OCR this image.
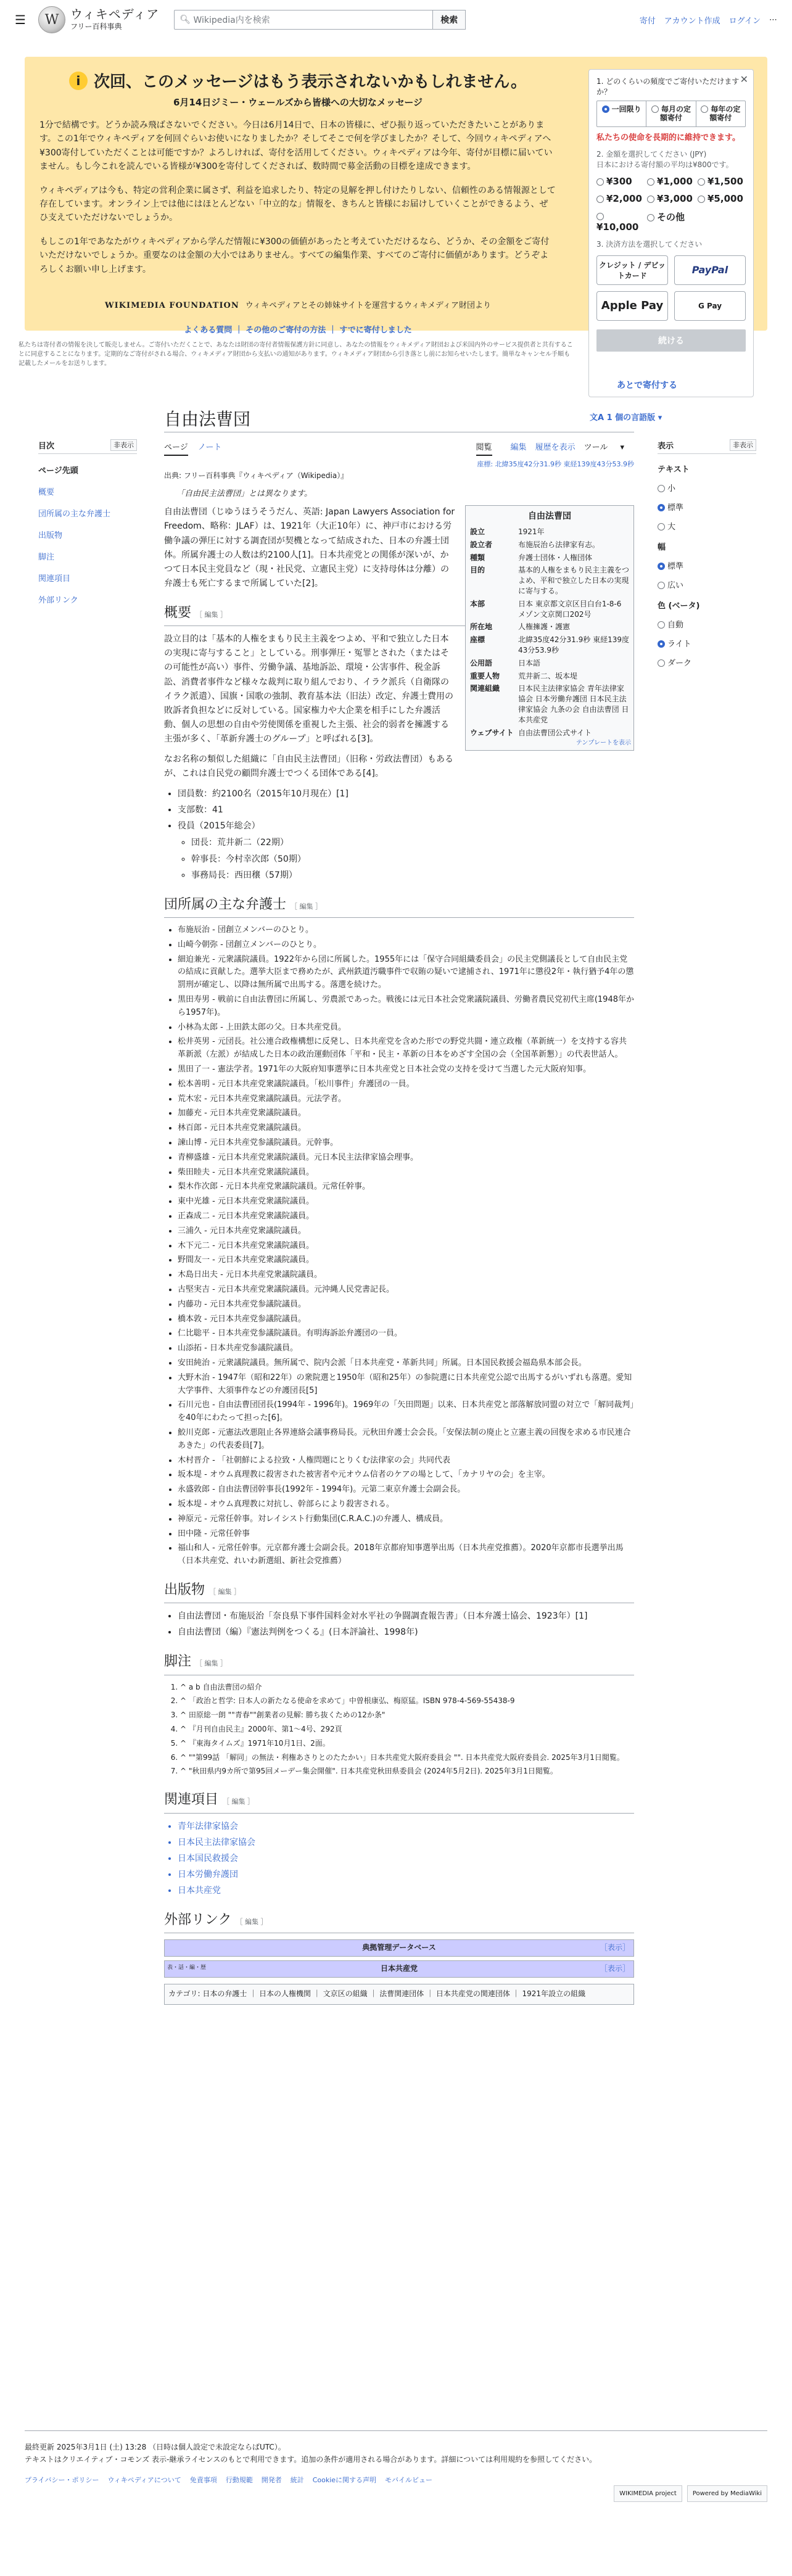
☰	W ウィキペディア
フリー百科事典
🔍︎ Wikipedia内を検索	検索	寄付 アカウント作成 ログイン ⋯
i 次回、このメッセージはもう表示されないかもしれません。
6月14日ジミー・ウェールズから皆様への大切なメッセージ

1分で結構です。どうか読み飛ばさないでください。今日は6月14日で、日本の皆様に、ぜひ振り返っていただきたいことがあります。この1年でウィキペディアを何回ぐらいお使いになりましたか？そしてそこで何を学びましたか？そして、今回ウィキペディアへ¥300寄付していただくことは可能ですか？よろしければ、寄付を活用してください。ウィキペディアは今年、寄付が目標に届いていません。もし今これを読んでいる皆様が¥300を寄付してくだされば、数時間で募金活動の目標を達成できます。

ウィキペディアは今も、特定の営利企業に属さず、利益を追求したり、特定の見解を押し付けたりしない、信頼性のある情報源として存在しています。オンライン上では他にはほとんどない「中立的な」情報を、きちんと皆様にお届けしていくことができるよう、ぜひ支えていただけないでしょうか。

もしこの1年であなたがウィキペディアから学んだ情報に¥300の価値があったと考えていただけるなら、どうか、その金額をご寄付いただけないでしょうか。重要なのは金額の大小ではありません。すべての編集作業、すべてのご寄付に価値があります。どうぞよろしくお願い申し上げます。

WIKIMEDIA FOUNDATION ウィキペディアとその姉妹サイトを運営するウィキメディア財団より
✕
1. どのくらいの頻度でご寄付いただけますか？
一回限り	毎月の定額寄付
毎年の定額寄付
私たちの使命を長期的に維持できます。
2. 金額を選択してください (JPY)
日本における寄付額の平均は¥800です。
¥300	¥1,000	¥1,500
¥2,000	¥3,000	¥5,000
¥10,000
その他
3. 決済方法を選択してください
クレジット / デビットカード	PayPal
Apple Pay	G Pay
続ける
よくある質問 ｜ その他のご寄付の方法 ｜ すでに寄付しました
私たちは寄付者の情報を決して販売しません。ご寄付いただくことで、あなたは財団の寄付者情報保護方針に同意し、あなたの情報をウィキメディア財団および米国内外のサービス提供者と共有することに同意することになります。定期的なご寄付がされる場合、ウィキメディア財団から支払いの通知があります。ウィキメディア財団から引き落とし前にお知らせいたします。簡単なキャンセル手順も記載したメールをお送りします。
あとで寄付する
自由法曹団	文A 1 個の言語版 ▾
ページ ノート	閲覧 編集 履歴を表示 ツール ▾
目次	非表示
ページ先頭
概要
団所属の主な弁護士
出版物
脚注
関連項目
外部リンク
表示	非表示
テキスト
小
標準
大
幅
標準
広い
色 (ベータ)
自動
ライト
ダーク
座標: 北緯35度42分31.9秒 東経139度43分53.9秒
出典: フリー百科事典『ウィキペディア（Wikipedia）』
「自由民主法曹団」とは異なります。
自由法曹団
設立	1921年
設立者	布施辰治ら法律家有志。
種類	弁護士団体・人権団体
目的	基本的人権をまもり民主主義をつよめ、平和で独立した日本の実現に寄与する。
本部	日本 東京都文京区目白台1-8-6 メゾン文京関口202号
所在地	人権擁護・護憲
座標	北緯35度42分31.9秒 東経139度43分53.9秒
公用語	日本語
重要人物	荒井新二、坂本堤
関連組織	日本民主法律家協会 青年法律家協会 日本労働弁護団 日本民主法律家協会 九条の会 自由法曹団 日本共産党
ウェブサイト	自由法曹団公式サイト
テンプレートを表示

自由法曹団（じゆうほうそうだん、英語: Japan Lawyers Association for Freedom、略称：JLAF）は、1921年（大正10年）に、神戸市における労働争議の弾圧に対する調査団が契機となって結成された、日本の弁護士団体。所属弁護士の人数は約2100人[1]。日本共産党との関係が深いが、かつて日本民主党員など（現・社民党、立憲民主党）に支持母体は分離）の弁護士も死亡するまで所属していた[2]。

概要 ［ 編集 ］

設立目的は「基本的人権をまもり民主主義をつよめ、平和で独立した日本の実現に寄与すること」としている。刑事弾圧・冤罪とされた（またはその可能性が高い）事件、労働争議、基地訴訟、環境・公害事件、税金訴訟、消費者事件など様々な裁判に取り組んでおり、イラク派兵（自衛隊のイラク派遣）、国旗・国歌の強制、教育基本法（旧法）改定、弁護士費用の敗訴者負担などに反対している。国家権力や大企業を相手にした弁護活動、個人の思想の自由や労使関係を重視した主張、社会的弱者を擁護する主張が多く、「革新弁護士のグループ」と呼ばれる[3]。

なお名称の類似した組織に「自由民主法曹団」（旧称・労政法曹団）もあるが、これは自民党の顧問弁護士でつくる団体である[4]。

• 団員数：約2100名（2015年10月現在）[1]
• 支部数：41
• 役員（2015年総会）
◦ 団長：荒井新二（22期）
◦ 幹事長：今村幸次郎（50期）
◦ 事務局長：西田穣（57期）
団所属の主な弁護士 ［ 編集 ］
• 布施辰治 - 団創立メンバーのひとり。
• 山崎今朝弥 - 団創立メンバーのひとり。
• 細迫兼光 - 元衆議院議員。1922年から団に所属した。1955年には「保守合同組織委員会」の民主党側議長として自由民主党の結成に貢献した。選挙大臣まで務めたが、武州鉄道汚職事件で収賄の疑いで逮捕され、1971年に懲役2年・執行猶予4年の懲罰刑が確定し、以降は無所属で出馬する。落選を続けた。
• 黒田寿男 - 戦前に自由法曹団に所属し、労農派であった。戦後には元日本社会党衆議院議員、労働者農民党初代主席(1948年から1957年)。
• 小林為太郎 - 上田鉄太郎の父。日本共産党員。
• 松井英男 - 元団長。社公連合政権構想に反発し、日本共産党を含めた形での野党共闘・連立政権（革新統一）を支持する容共革新派（左派）が結成した日本の政治運動団体「平和・民主・革新の日本をめざす全国の会（全国革新懇）」の代表世話人。
• 黒田了一 - 憲法学者。1971年の大阪府知事選挙に日本共産党と日本社会党の支持を受けて当選した元大阪府知事。
• 松本善明 - 元日本共産党衆議院議員。「松川事件」弁護団の一員。
• 荒木宏 - 元日本共産党衆議院議員。元法学者。
• 加藤充 - 元日本共産党衆議院議員。
• 林百郎 - 元日本共産党衆議院議員。
• 諫山博 - 元日本共産党参議院議員。元幹事。
• 青柳盛雄 - 元日本共産党衆議院議員。元日本民主法律家協会理事。
• 柴田睦夫 - 元日本共産党衆議院議員。
• 梨木作次郎 - 元日本共産党衆議院議員。元常任幹事。
• 東中光雄 - 元日本共産党衆議院議員。
• 正森成二 - 元日本共産党衆議院議員。
• 三浦久 - 元日本共産党衆議院議員。
• 木下元二 - 元日本共産党衆議院議員。
• 野間友一 - 元日本共産党衆議院議員。
• 木島日出夫 - 元日本共産党衆議院議員。
• 古堅実吉 - 元日本共産党衆議院議員。元沖縄人民党書記長。
• 内藤功 - 元日本共産党参議院議員。
• 橋本敦 - 元日本共産党参議院議員。
• 仁比聡平 - 日本共産党参議院議員。有明海訴訟弁護団の一員。
• 山添拓 - 日本共産党参議院議員。
• 安田純治 - 元衆議院議員。無所属で、院内会派「日本共産党・革新共同」所属。日本国民救援会福島県本部会長。
• 大野木治 - 1947年（昭和22年）の衆院選と1950年（昭和25年）の参院選に日本共産党公認で出馬するがいずれも落選。愛知大学事件、大須事件などの弁護団長[5]
• 石川元也 - 自由法曹団団長(1994年 - 1996年)。1969年の「矢田問題」以来、日本共産党と部落解放同盟の対立で「解同裁判」を40年にわたって担った[6]。
• 鮫川克郎 - 元憲法改悪阻止各界連絡会議事務局長。元秋田弁護士会会長。「安保法制の廃止と立憲主義の回復を求める市民連合あきた」の代表委員[7]。
• 木村晋介 - 「社朝鮮による拉致・人権問題にとりくむ法律家の会」共同代表
• 坂本堤 - オウム真理教に殺害された被害者や元オウム信者のケアの場として、「カナリヤの会」を主宰。
• 永盛敦郎 - 自由法曹団幹事長(1992年 - 1994年)。元第二東京弁護士会副会長。
• 坂本堤 - オウム真理教に対抗し、幹部らにより殺害される。
• 神原元 - 元常任幹事。対レイシスト行動集団(C.R.A.C.)の弁護人、構成員。
• 田中隆 - 元常任幹事
• 福山和人 - 元常任幹事。元京都弁護士会副会長。2018年京都府知事選挙出馬（日本共産党推薦）。2020年京都市長選挙出馬（日本共産党、れいわ新選組、新社会党推薦）
出版物 ［ 編集 ］
• 自由法曹団・布施辰治「奈良県下事件国料金対水平社の争闘調査報告書」（日本弁護士協会、1923年）[1]
• 自由法曹団（編）『憲法判例をつくる』(日本評論社、1998年)
脚注 ［ 編集 ］
1. ^ a b 自由法曹団の紹介
2. ^ 「政治と哲学: 日本人の新たなる使命を求めて」中曽根康弘、梅原猛。ISBN 978-4-569-55438-9
3. ^ 田原総一朗 ""青春""創業者の見解: 勝ち抜くための12か条"
4. ^ 『月刊自由民主』2000年、第1〜4号、292頁
5. ^ 『東海タイムズ』1971年10月1日、2面。
6. ^ ""第99話 「解同」の無法・利権あさりとのたたかい」日本共産党大阪府委員会 "". 日本共産党大阪府委員会. 2025年3月1日閲覧。
7. ^ "秋田県内9カ所で第95回メーデー集会開催". 日本共産党秋田県委員会 (2024年5月2日). 2025年3月1日閲覧。
関連項目 ［ 編集 ］
• 青年法律家協会
• 日本民主法律家協会
• 日本国民救援会
• 日本労働弁護団
• 日本共産党
外部リンク ［ 編集 ］
典拠管理データベース	［表示］
表・話・編・歴	日本共産党	［表示］
カテゴリ: 日本の弁護士 ｜ 日本の人権機関 ｜ 文京区の組織 ｜ 法曹関連団体 ｜ 日本共産党の関連団体 ｜ 1921年設立の組織
最終更新 2025年3月1日 (土) 13:28 （日時は個人設定で未設定ならばUTC）。
テキストはクリエイティブ・コモンズ 表示-継承ライセンスのもとで利用できます。追加の条件が適用される場合があります。詳細については利用規約を参照してください。
プライバシー・ポリシー ウィキペディアについて 免責事項 行動規範 開発者 統計 Cookieに関する声明 モバイルビュー
WIKIMEDIA project	Powered by MediaWiki
